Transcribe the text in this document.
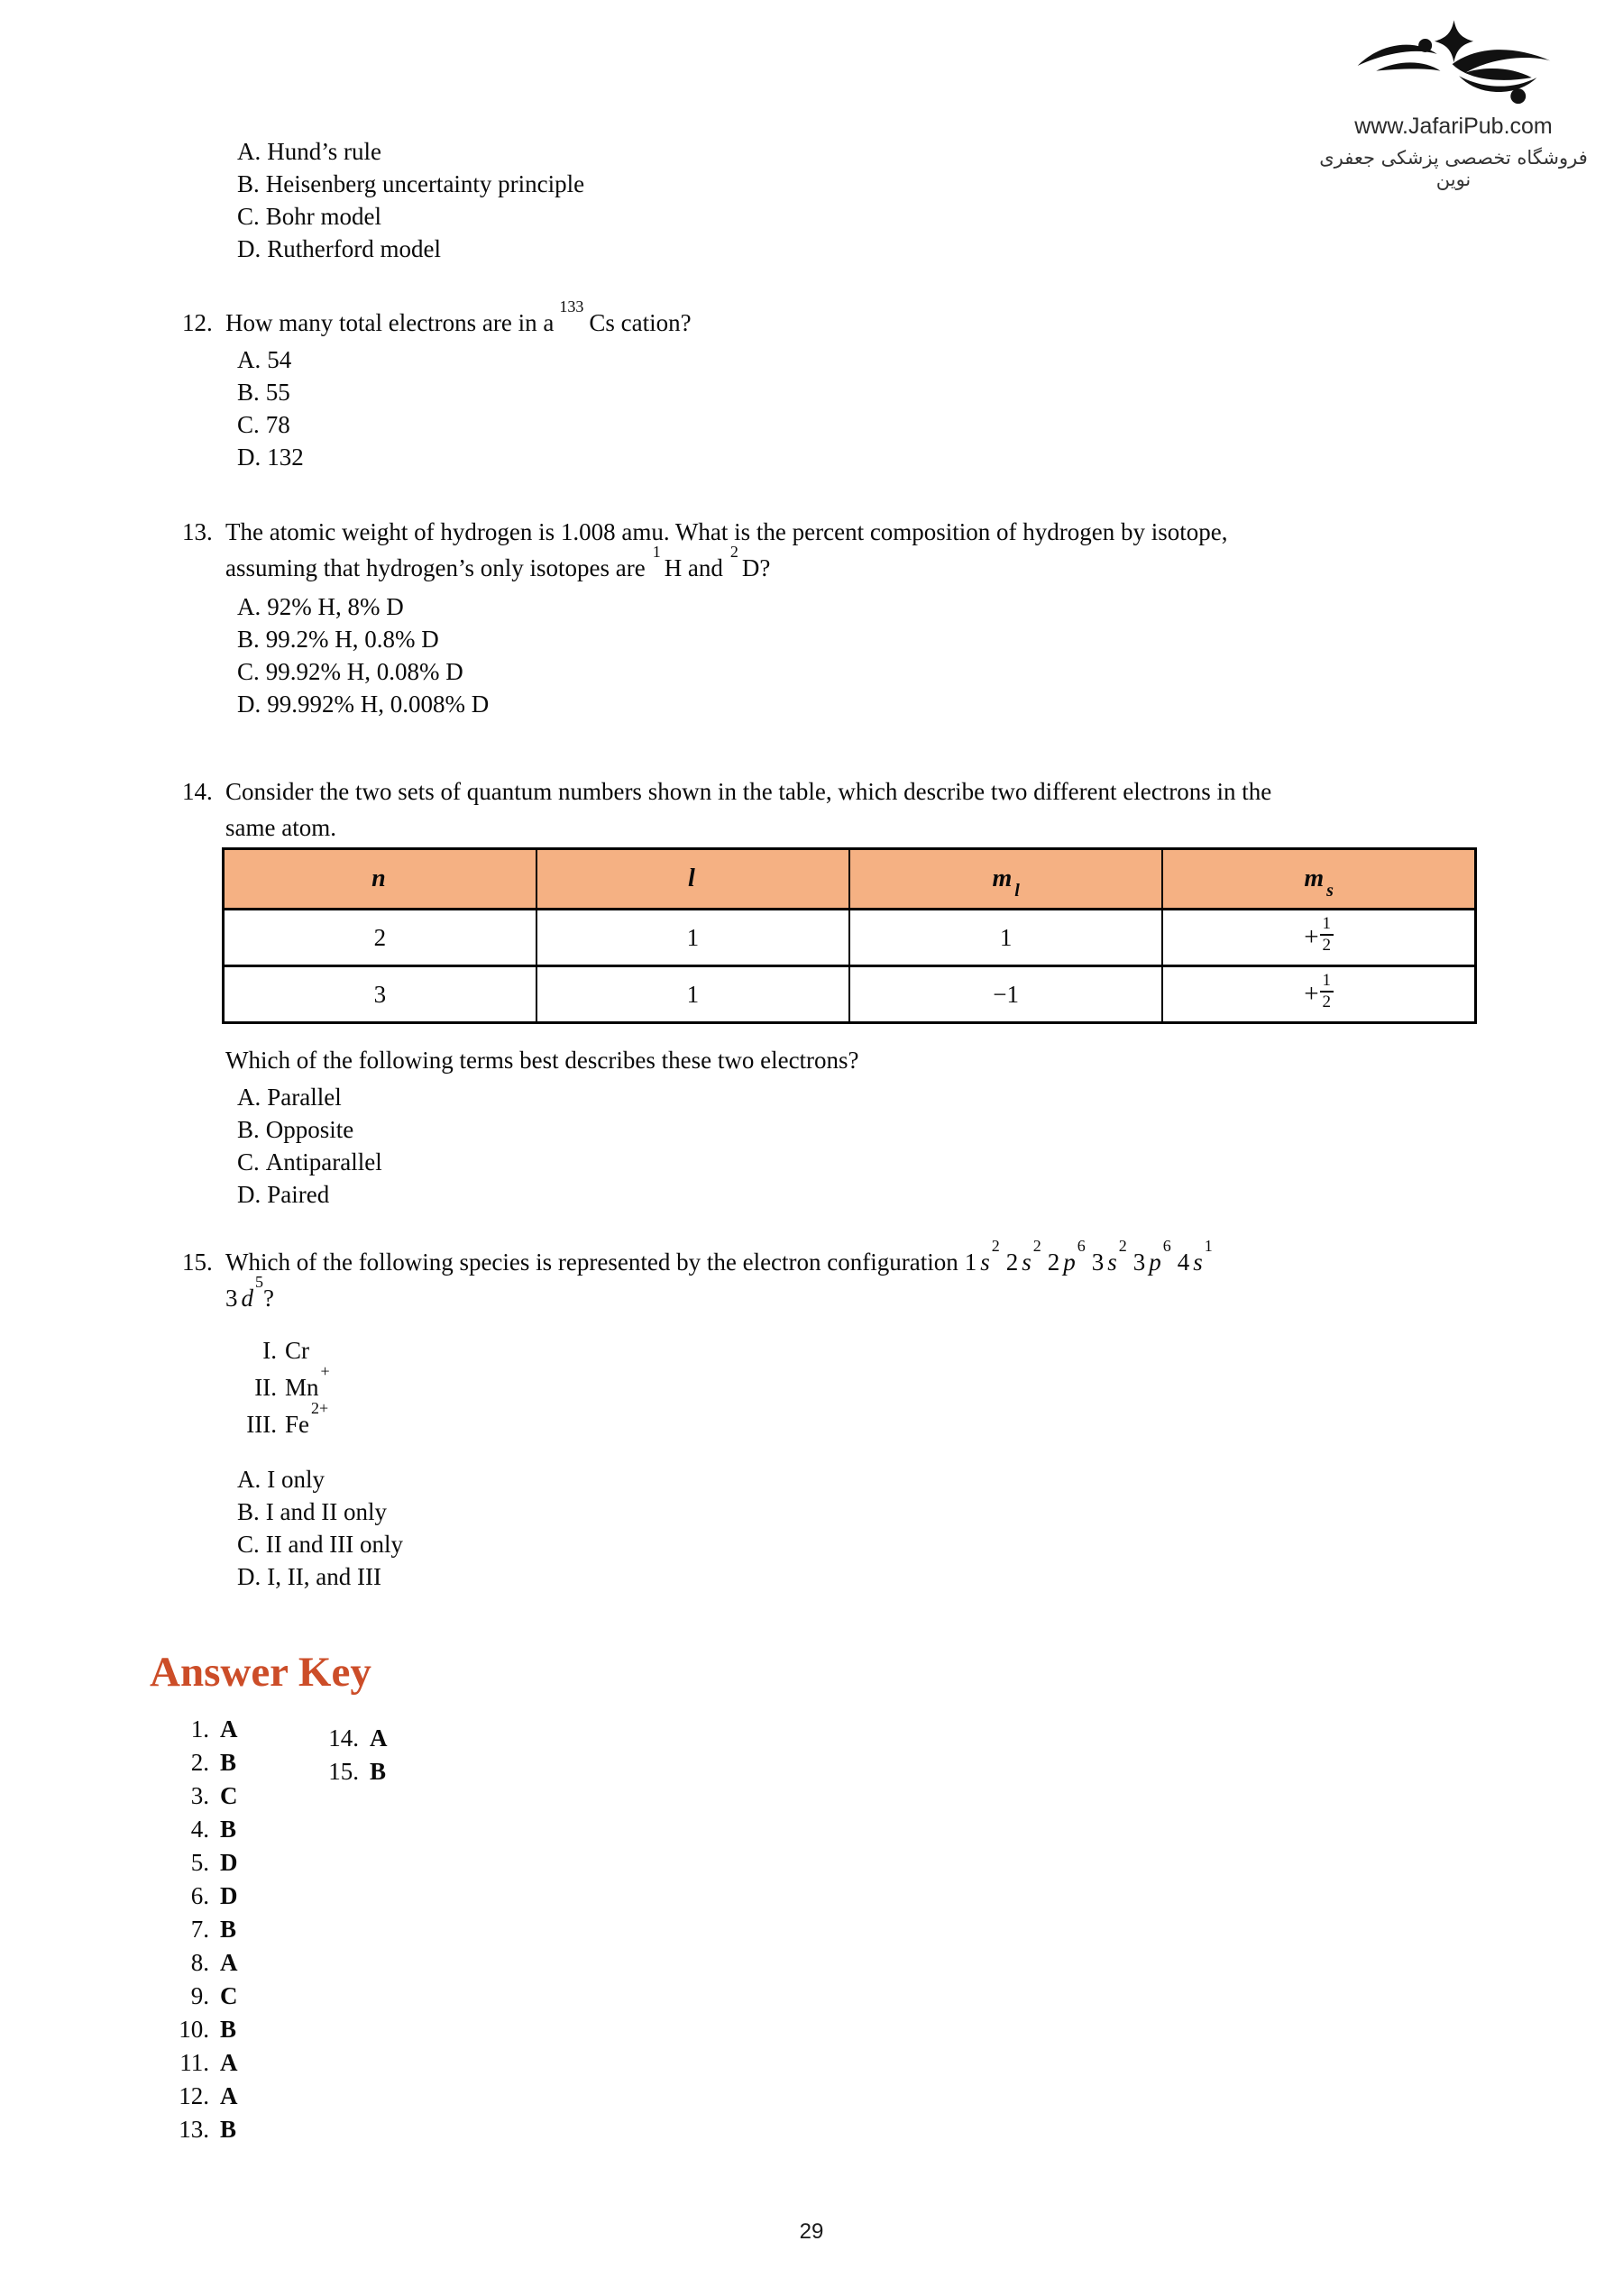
www.JafariPub.com
فروشگاه تخصصی پزشکی جعفری نوین
A. Hund’s rule
B. Heisenberg uncertainty principle
C. Bohr model
D. Rutherford model
12. How many total electrons are in $a^{133}Cs$ cation?
A. 54
B. 55
C. 78
D. 132
13. The atomic weight of hydrogen is 1.008 amu. What is the percent composition of hydrogen by isotope,
assuming that hydrogen’s only isotopes are$^1$H and$^2$D?
A. 92% H, 8% D
B. 99.2% H, 0.8% D
C. 99.92% H, 0.08% D
D. 99.992% H, 0.008% D
14. Consider the two sets of quantum numbers shown in the table, which describe two different electrons in the
same atom.
n	l	m $_l$	m $_s$
2	1	1	+ $\frac{1}{2}$

3	1	−1	+ $\frac{1}{2}$
Which of the following terms best describes these two electrons?
A. Parallel
B. Opposite
C. Antiparallel
D. Paired
15. Which of the following species is represented by the electron configuration 1 $s^22$ $s^22$ $p^63$ $s^23$ $p^64$ $s^1$
3 $d^5$?
I. Cr
II. Mn+
III. $Fe^{2+}$
A. I only
B. I and II only
C. II and III only
D. I, II, and III
Answer Key
1. A
2. B
3. C
4. B
5. D
6. D
7. B
8. A
9. C
10. B
11. A
12. A
13. B
14. A
15. B
29
